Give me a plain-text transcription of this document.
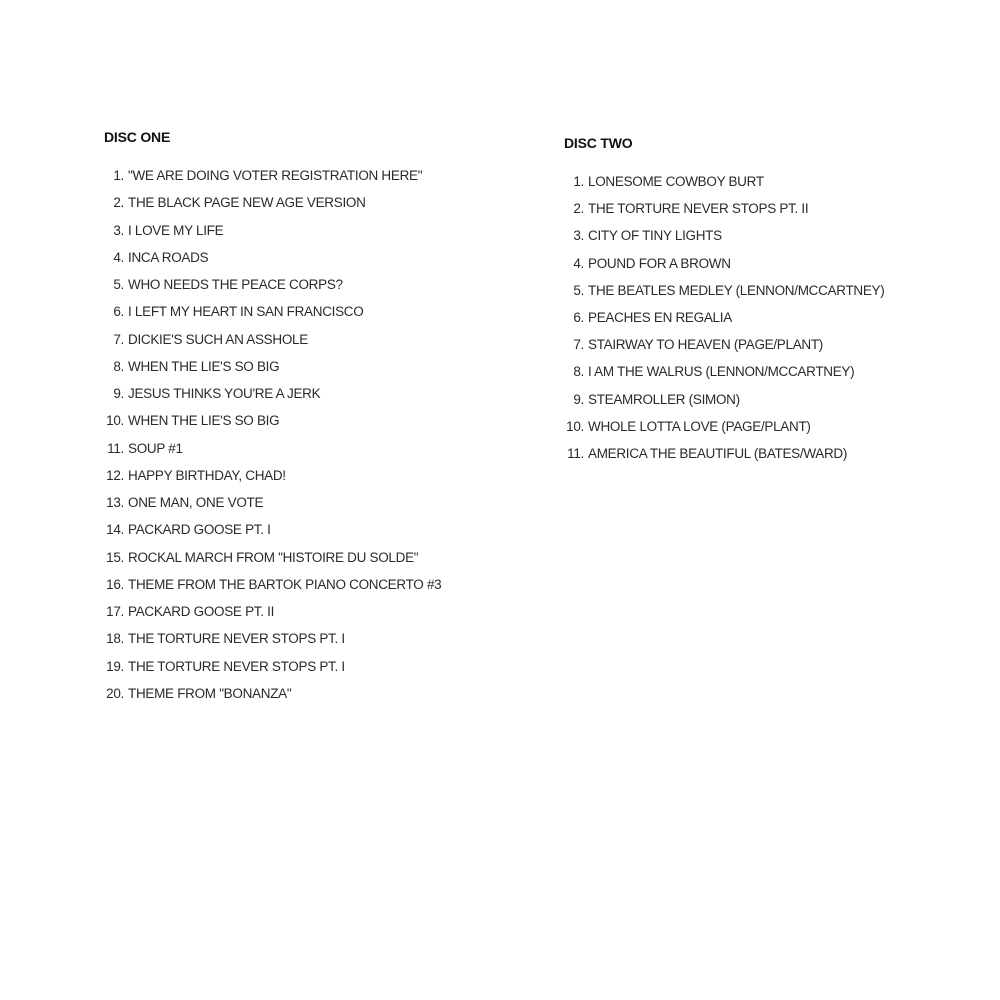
DISC ONE
1. "WE ARE DOING VOTER REGISTRATION HERE"
2. THE BLACK PAGE NEW AGE VERSION
3. I LOVE MY LIFE
4. INCA ROADS
5. WHO NEEDS THE PEACE CORPS?
6. I LEFT MY HEART IN SAN FRANCISCO
7. DICKIE'S SUCH AN ASSHOLE
8. WHEN THE LIE'S SO BIG
9. JESUS THINKS YOU'RE A JERK
10. WHEN THE LIE'S SO BIG
11. SOUP #1
12. HAPPY BIRTHDAY, CHAD!
13. ONE MAN, ONE VOTE
14. PACKARD GOOSE PT. I
15. ROCKAL MARCH FROM "HISTOIRE DU SOLDE"
16. THEME FROM THE BARTOK PIANO CONCERTO #3
17. PACKARD GOOSE PT. II
18. THE TORTURE NEVER STOPS PT. I
19. THE TORTURE NEVER STOPS PT. I
20. THEME FROM "BONANZA"
DISC TWO
1. LONESOME COWBOY BURT
2. THE TORTURE NEVER STOPS PT. II
3. CITY OF TINY LIGHTS
4. POUND FOR A BROWN
5. THE BEATLES MEDLEY (LENNON/MCCARTNEY)
6. PEACHES EN REGALIA
7. STAIRWAY TO HEAVEN (PAGE/PLANT)
8. I AM THE WALRUS (LENNON/MCCARTNEY)
9. STEAMROLLER (SIMON)
10. WHOLE LOTTA LOVE (PAGE/PLANT)
11. AMERICA THE BEAUTIFUL (BATES/WARD)
